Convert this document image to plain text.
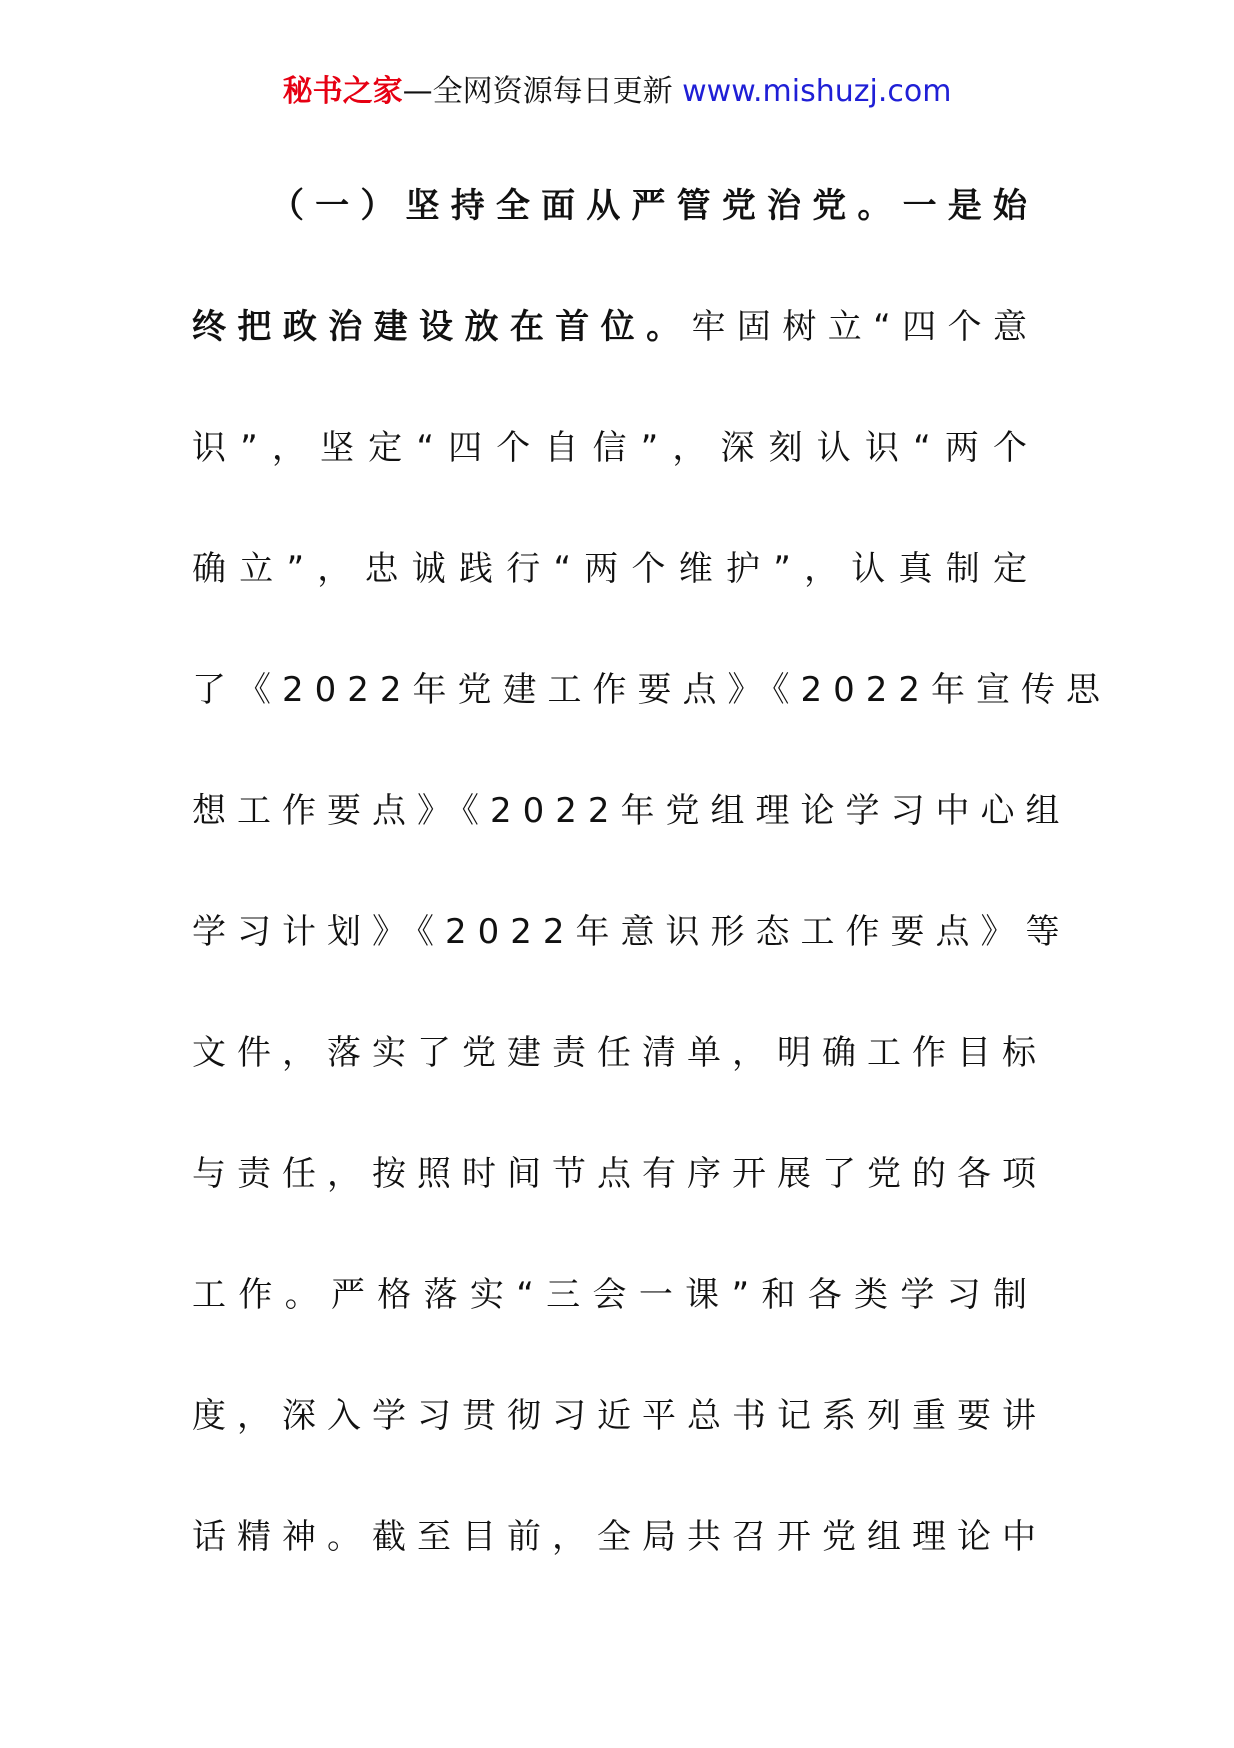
秘书之家—全网资源每日更新 www.mishuzj.com
（一）坚持全面从严管党治党。一是始
终把政治建设放在首位。牢固树立“四个意
识”，坚定“四个自信”，深刻认识“两个
确立”，忠诚践行“两个维护”，认真制定
了《2022年党建工作要点》《2022年宣传思
想工作要点》《2022年党组理论学习中心组
学习计划》《2022年意识形态工作要点》等
文件，落实了党建责任清单，明确工作目标
与责任，按照时间节点有序开展了党的各项
工作。严格落实“三会一课”和各类学习制
度，深入学习贯彻习近平总书记系列重要讲
话精神。截至目前，全局共召开党组理论中
